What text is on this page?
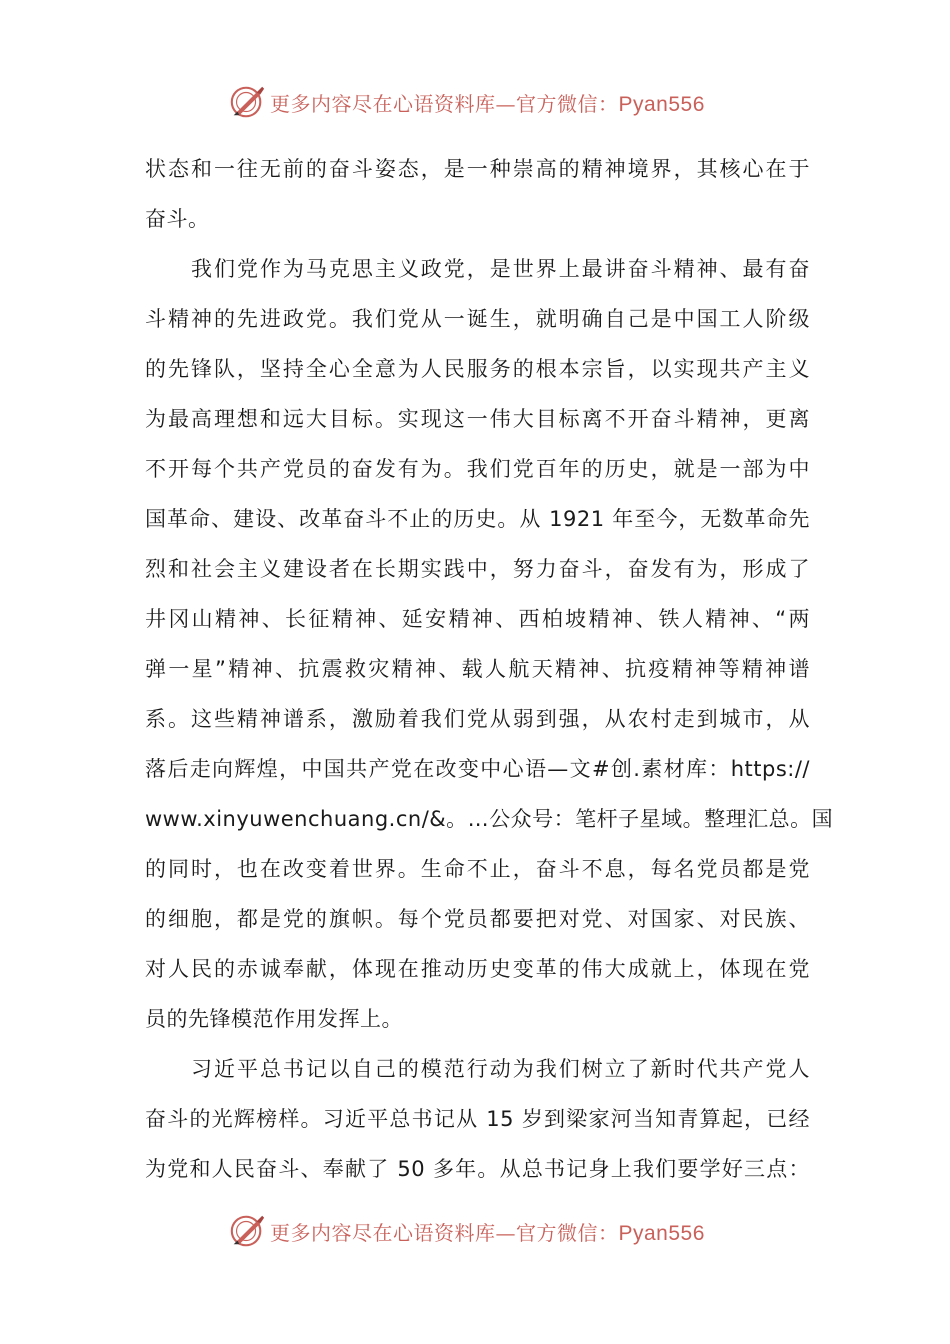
更多内容尽在心语资料库—官方微信：Pyan556
状态和一往无前的奋斗姿态，是一种崇高的精神境界，其核心在于
奋斗。
我们党作为马克思主义政党，是世界上最讲奋斗精神、最有奋
斗精神的先进政党。我们党从一诞生，就明确自己是中国工人阶级
的先锋队，坚持全心全意为人民服务的根本宗旨，以实现共产主义
为最高理想和远大目标。实现这一伟大目标离不开奋斗精神，更离
不开每个共产党员的奋发有为。我们党百年的历史，就是一部为中
国革命、建设、改革奋斗不止的历史。从 1921 年至今，无数革命先
烈和社会主义建设者在长期实践中，努力奋斗，奋发有为，形成了
井冈山精神、长征精神、延安精神、西柏坡精神、铁人精神、“两
弹一星”精神、抗震救灾精神、载人航天精神、抗疫精神等精神谱
系。这些精神谱系，激励着我们党从弱到强，从农村走到城市，从
落后走向辉煌，中国共产党在改变中心语—文#创.素材库：https://
www.xinyuwenchuang.cn/&。…公众号：笔杆子星域。整理汇总。国
的同时，也在改变着世界。生命不止，奋斗不息，每名党员都是党
的细胞，都是党的旗帜。每个党员都要把对党、对国家、对民族、
对人民的赤诚奉献，体现在推动历史变革的伟大成就上，体现在党
员的先锋模范作用发挥上。
习近平总书记以自己的模范行动为我们树立了新时代共产党人
奋斗的光辉榜样。习近平总书记从 15 岁到梁家河当知青算起，已经
为党和人民奋斗、奉献了 50 多年。从总书记身上我们要学好三点：
更多内容尽在心语资料库—官方微信：Pyan556
